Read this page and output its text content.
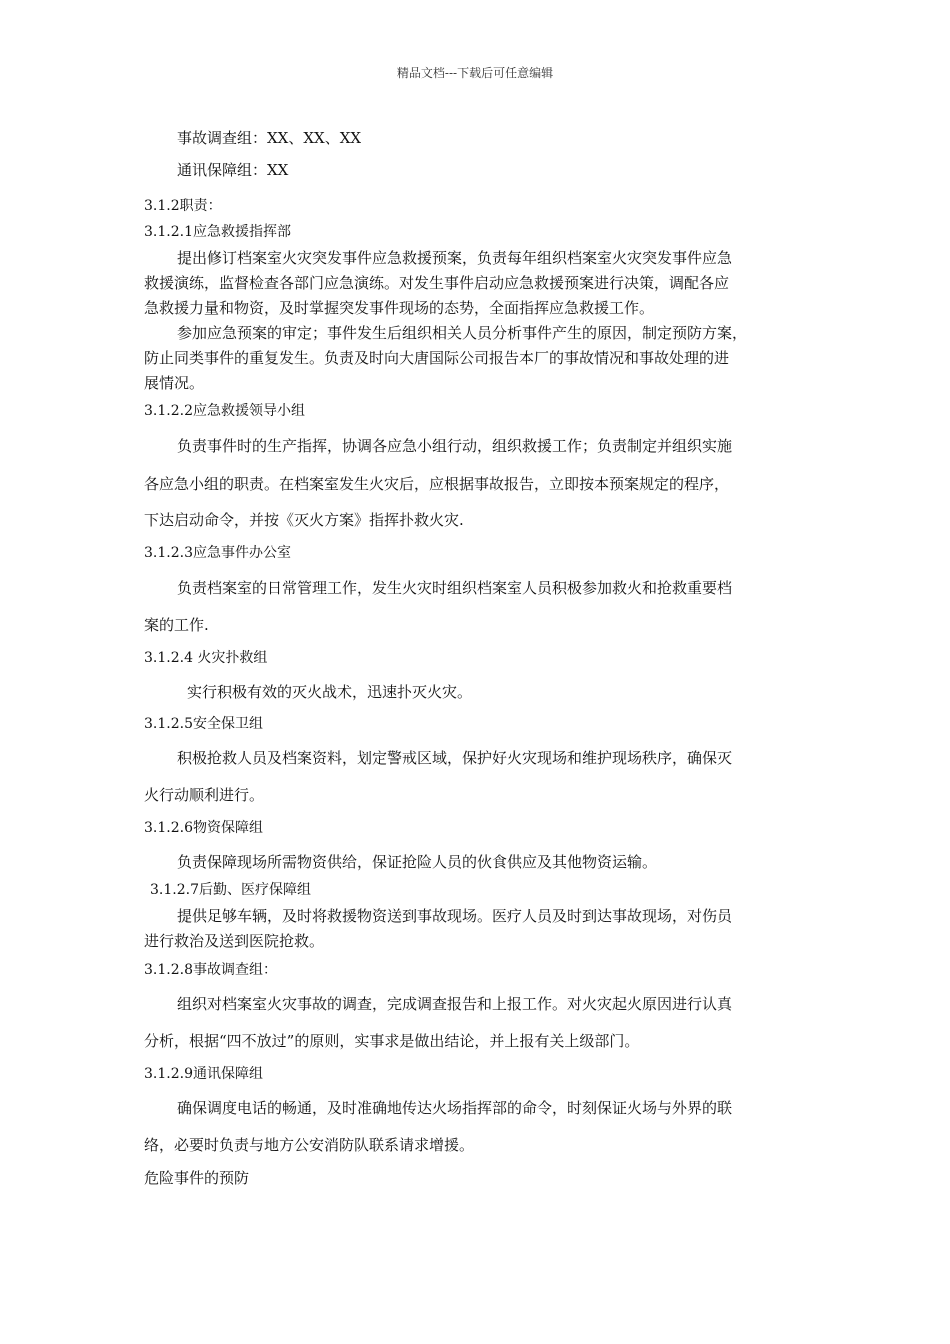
精品文档---下载后可任意编辑
事故调查组：XX、XX、XX
通讯保障组：XX
3.1.2职责：
3.1.2.1应急救援指挥部
提出修订档案室火灾突发事件应急救援预案，负责每年组织档案室火灾突发事件应急
救援演练，监督检查各部门应急演练。对发生事件启动应急救援预案进行决策，调配各应
急救援力量和物资，及时掌握突发事件现场的态势，全面指挥应急救援工作。
参加应急预案的审定；事件发生后组织相关人员分析事件产生的原因，制定预防方案，
防止同类事件的重复发生。负责及时向大唐国际公司报告本厂的事故情况和事故处理的进
展情况。
3.1.2.2应急救援领导小组
负责事件时的生产指挥，协调各应急小组行动，组织救援工作；负责制定并组织实施
各应急小组的职责。在档案室发生火灾后，应根据事故报告，立即按本预案规定的程序，
下达启动命令，并按《灭火方案》指挥扑救火灾.
3.1.2.3应急事件办公室
负责档案室的日常管理工作，发生火灾时组织档案室人员积极参加救火和抢救重要档
案的工作.
3.1.2.4 火灾扑救组
实行积极有效的灭火战术，迅速扑灭火灾。
3.1.2.5安全保卫组
积极抢救人员及档案资料，划定警戒区域，保护好火灾现场和维护现场秩序，确保灭
火行动顺利进行。
3.1.2.6物资保障组
负责保障现场所需物资供给，保证抢险人员的伙食供应及其他物资运输。
3.1.2.7后勤、医疗保障组
提供足够车辆，及时将救援物资送到事故现场。医疗人员及时到达事故现场，对伤员
进行救治及送到医院抢救。
3.1.2.8事故调查组：
组织对档案室火灾事故的调查，完成调查报告和上报工作。对火灾起火原因进行认真
分析，根据“四不放过”的原则，实事求是做出结论，并上报有关上级部门。
3.1.2.9通讯保障组
确保调度电话的畅通，及时准确地传达火场指挥部的命令，时刻保证火场与外界的联
络，必要时负责与地方公安消防队联系请求增援。
危险事件的预防
